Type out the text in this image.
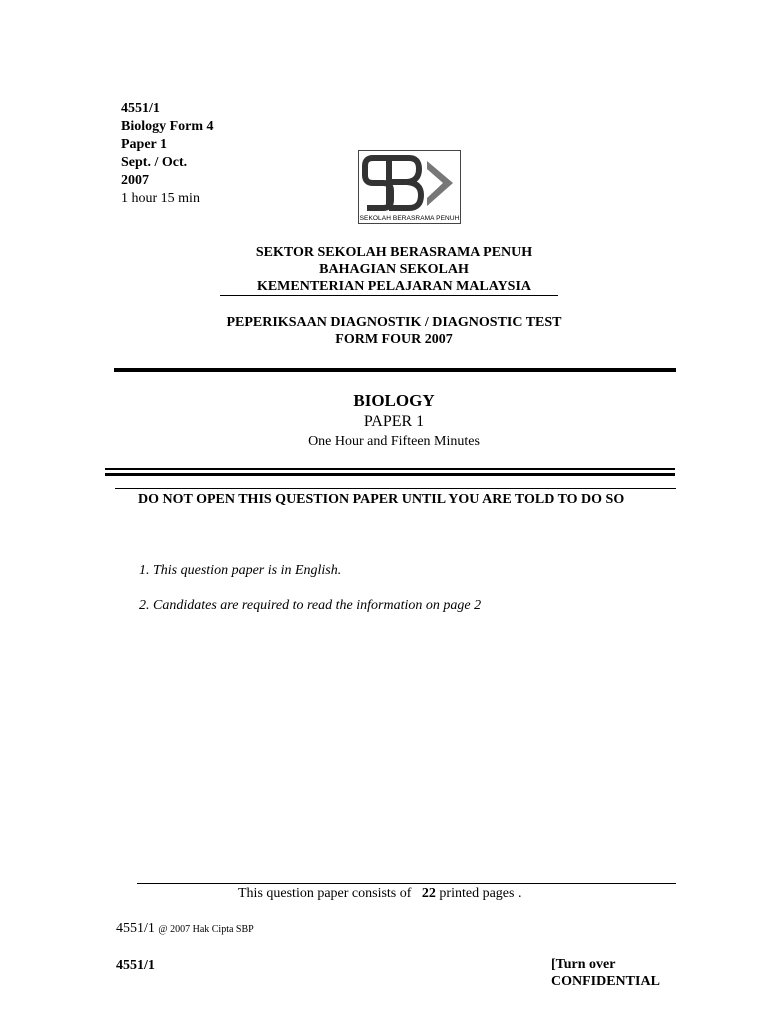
4551/1
Biology Form 4
Paper 1
Sept. / Oct.
2007
1 hour 15 min
SEKOLAH BERASRAMA PENUH
SEKTOR SEKOLAH BERASRAMA PENUH
BAHAGIAN SEKOLAH
KEMENTERIAN PELAJARAN MALAYSIA
PEPERIKSAAN DIAGNOSTIK / DIAGNOSTIC TEST
FORM FOUR 2007
BIOLOGY
PAPER 1
One Hour and Fifteen Minutes
DO NOT OPEN THIS QUESTION PAPER UNTIL YOU ARE TOLD TO DO SO
1. This question paper is in English.
2. Candidates are required to read the information on page 2
This question paper consists of 22 printed pages .
4551/1 @ 2007 Hak Cipta SBP
4551/1	[Turn over
CONFIDENTIAL
